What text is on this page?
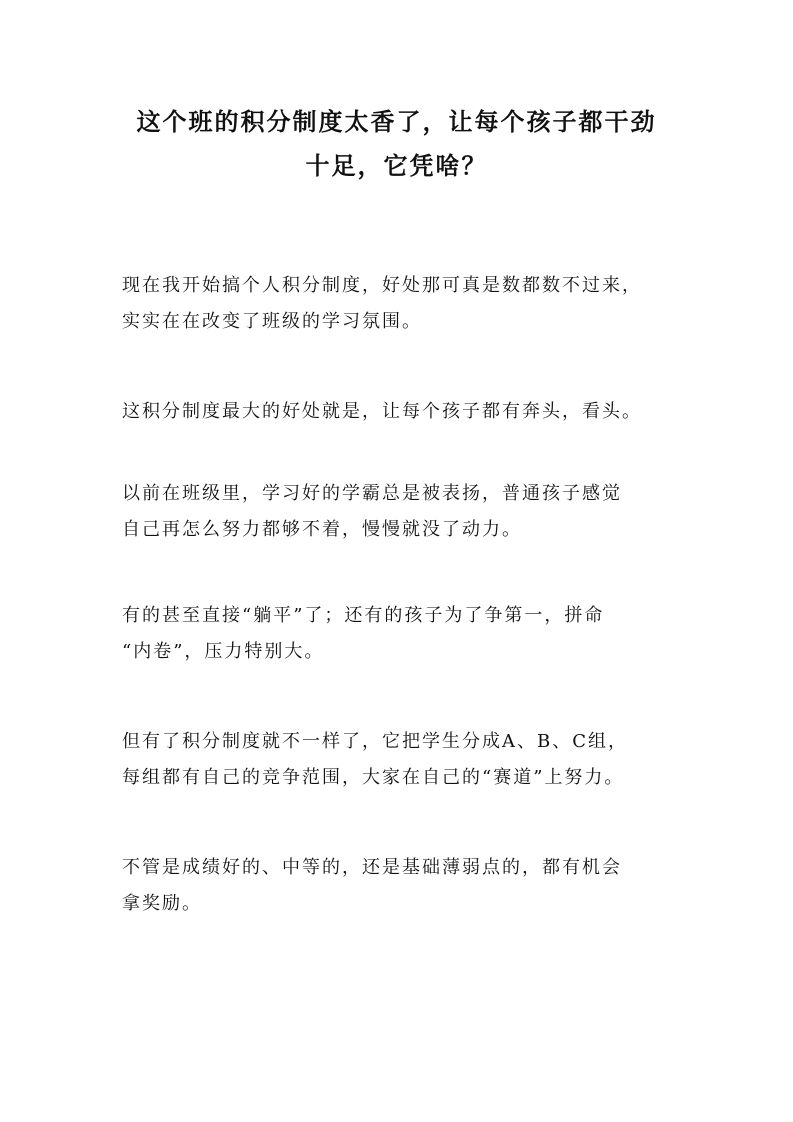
这个班的积分制度太香了，让每个孩子都干劲
十足，它凭啥？

现在我开始搞个人积分制度，好处那可真是数都数不过来，
实实在在改变了班级的学习氛围。

这积分制度最大的好处就是，让每个孩子都有奔头，看头。

以前在班级里，学习好的学霸总是被表扬，普通孩子感觉
自己再怎么努力都够不着，慢慢就没了动力。

有的甚至直接“躺平”了；还有的孩子为了争第一，拼命
“内卷”，压力特别大。

但有了积分制度就不一样了，它把学生分成A、B、C组，
每组都有自己的竞争范围，大家在自己的“赛道”上努力。

不管是成绩好的、中等的，还是基础薄弱点的，都有机会
拿奖励。
